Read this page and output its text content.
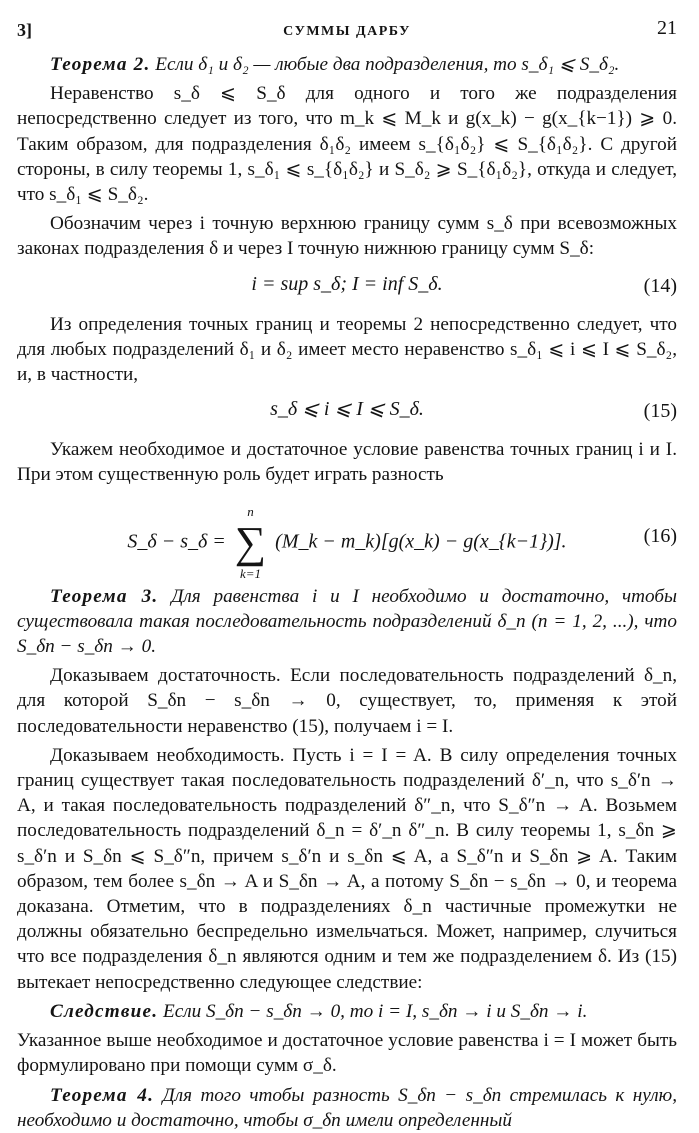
3]	СУММЫ ДАРБУ	21

Теорема 2. Если δ₁ и δ₂ — любые два подразделения, то s_δ₁ ⩽ S_δ₂.

Неравенство s_δ ⩽ S_δ для одного и того же подразделения непосредственно следует из того, что m_k ⩽ M_k и g(x_k) − g(x_{k−1}) ⩾ 0. Таким образом, для подразделения δ₁δ₂ имеем s_{δ₁δ₂} ⩽ S_{δ₁δ₂}. С другой стороны, в силу теоремы 1, s_δ₁ ⩽ s_{δ₁δ₂} и S_δ₂ ⩾ S_{δ₁δ₂}, откуда и следует, что s_δ₁ ⩽ S_δ₂.

Обозначим через i точную верхнюю границу сумм s_δ при всевозможных законах подразделения δ и через I точную нижнюю границу сумм S_δ:

i = sup s_δ; I = inf S_δ.	(14)

Из определения точных границ и теоремы 2 непосредственно следует, что для любых подразделений δ₁ и δ₂ имеет место неравенство s_δ₁ ⩽ i ⩽ I ⩽ S_δ₂, и, в частности,

s_δ ⩽ i ⩽ I ⩽ S_δ.	(15)

Укажем необходимое и достаточное условие равенства точных границ i и I. При этом существенную роль будет играть разность

S_δ − s_δ =
n
∑
k=1
(M_k − m_k)[g(x_k) − g(x_{k−1})].	(16)

Теорема 3. Для равенства i и I необходимо и достаточно, чтобы существовала такая последовательность подразделений δ_n (n = 1, 2, ...), что S_δn − s_δn → 0.

Доказываем достаточность. Если последовательность подразделений δ_n, для которой S_δn − s_δn → 0, существует, то, применяя к этой последовательности неравенство (15), получаем i = I.

Доказываем необходимость. Пусть i = I = A. В силу определения точных границ существует такая последовательность подразделений δ′_n, что s_δ′n → A, и такая последовательность подразделений δ″_n, что S_δ″n → A. Возьмем последовательность подразделений δ_n = δ′_n δ″_n. В силу теоремы 1, s_δn ⩾ s_δ′n и S_δn ⩽ S_δ″n, причем s_δ′n и s_δn ⩽ A, а S_δ″n и S_δn ⩾ A. Таким образом, тем более s_δn → A и S_δn → A, а потому S_δn − s_δn → 0, и теорема доказана. Отметим, что в подразделениях δ_n частичные промежутки не должны обязательно беспредельно измельчаться. Может, например, случиться что все подразделения δ_n являются одним и тем же подразделением δ. Из (15) вытекает непосредственно следующее следствие:

Следствие. Если S_δn − s_δn → 0, то i = I, s_δn → i и S_δn → i.

Указанное выше необходимое и достаточное условие равенства i = I может быть формулировано при помощи сумм σ_δ.

Теорема 4. Для того чтобы разность S_δn − s_δn стремилась к нулю, необходимо и достаточно, чтобы σ_δn имели определенный
